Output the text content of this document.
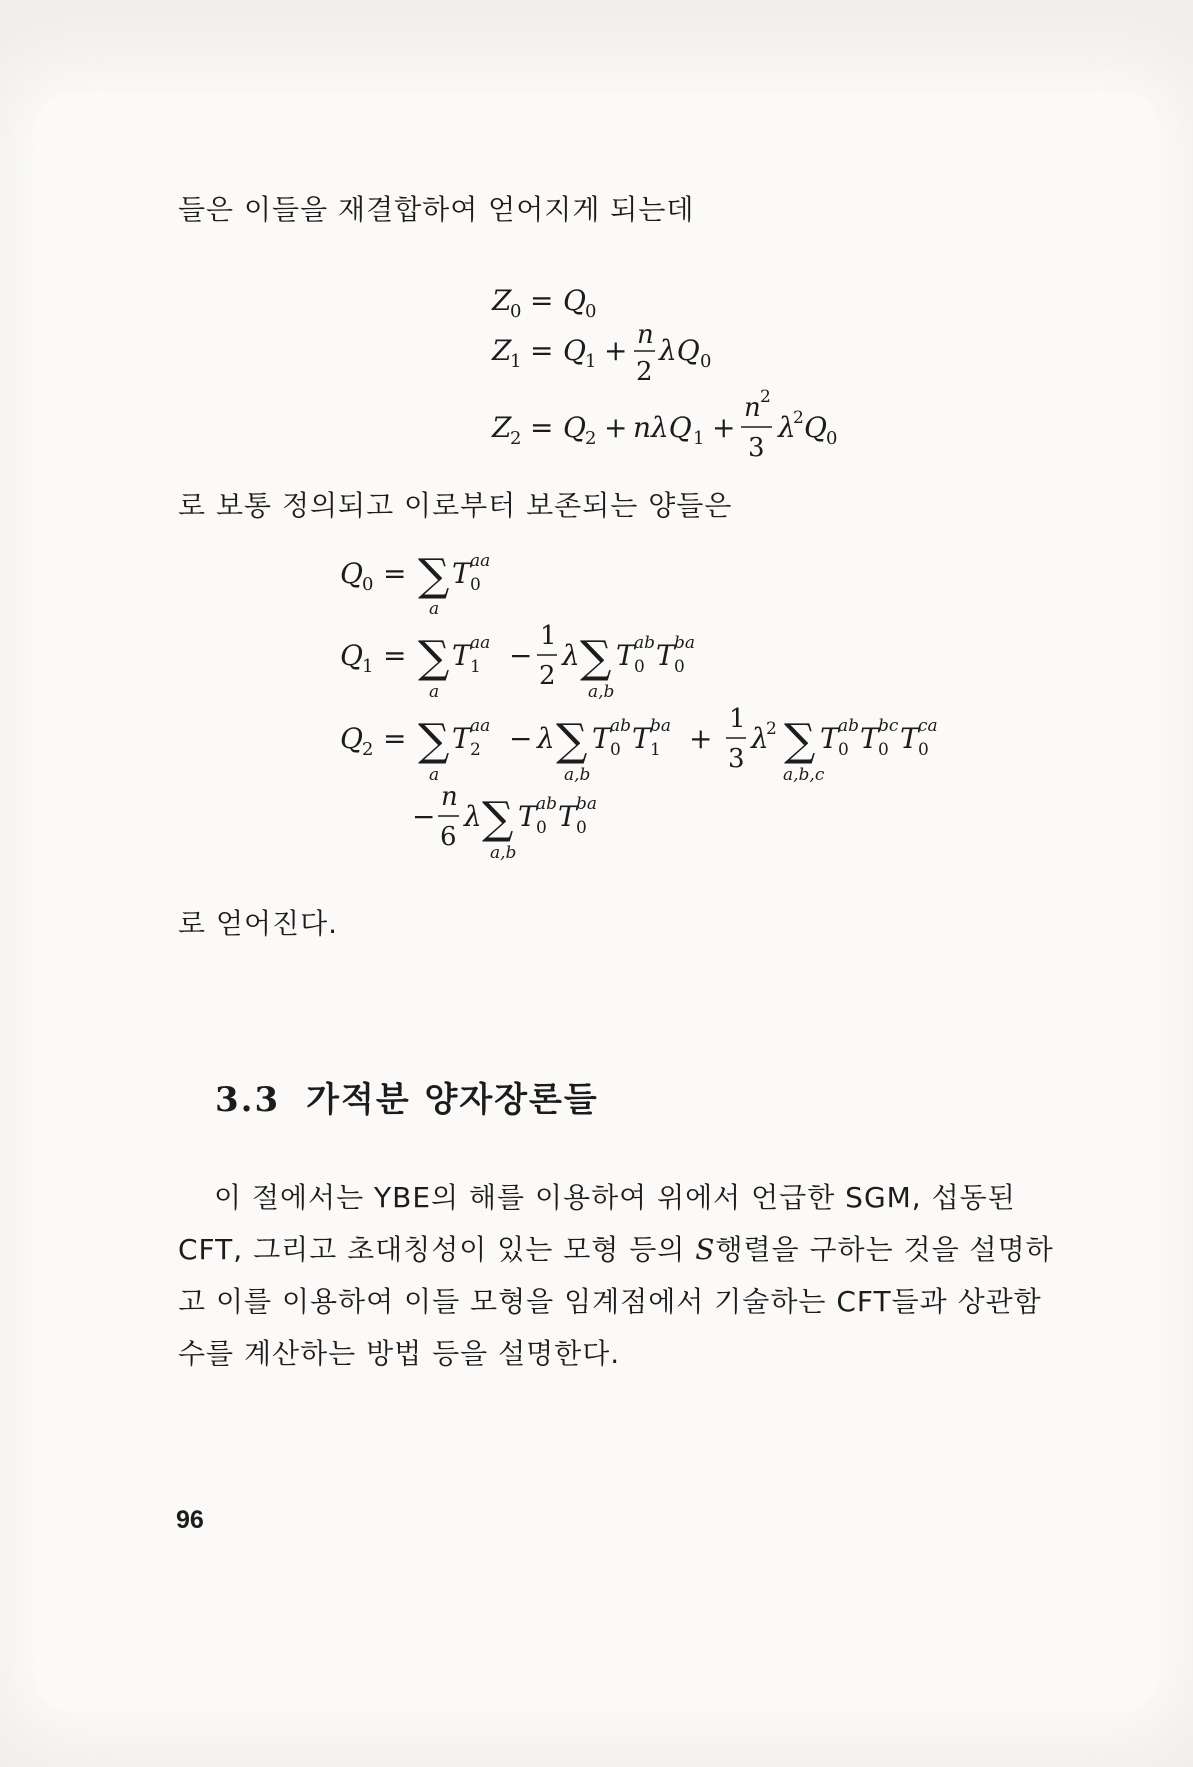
들은 이들을 재결합하여 얻어지게 되는데
로 보통 정의되고 이로부터 보존되는 양들은
로 얻어진다.
Z
0 = Q 0
Z
1 = Q 1 + n
2
λQ 0
Z
2 = Q 2 + nλQ 1 +
n 2
3
λ
2 Q 0
Q 0 = ∑
a
T aa
0
Q 1 = ∑
a
T aa
1 −
1
2
λ ∑
a,b
T ab
0 T ba
0
Q 2 = ∑
a
T aa
2 − λ ∑
a,b
T ab
0 T ba
1 +
1
3
λ
2 ∑
a,b,c
T ab
0 T bc
0 T ca
0
−
n
6
λ ∑
a,b
T ab
0 T ba
0
3.3 가적분 양자장론들
이 절에서는 YBE의 해를 이용하여 위에서 언급한 SGM, 섭동된 CFT, 그리고 초대칭성이 있는 모형 등의 S행렬을 구하는 것을 설명하고 이를 이용하여 이들 모형을 임계점에서 기술하는 CFT들과 상관함수를 계산하는 방법 등을 설명한다.
96
